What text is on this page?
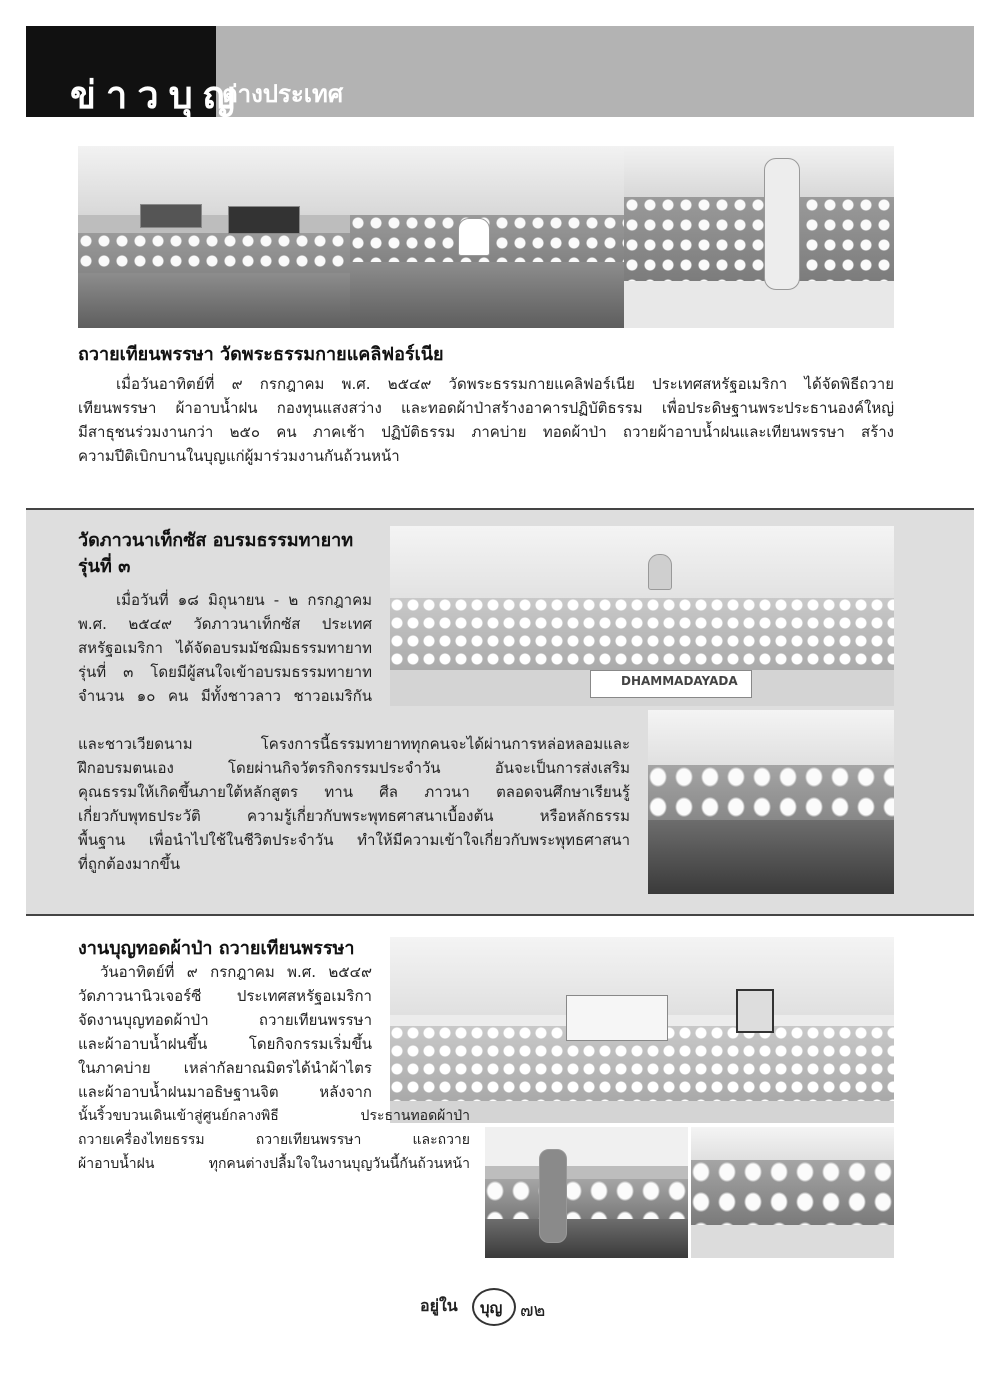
ข่าวบุญ
ต่างประเทศ
ถวายเทียนพรรษา วัดพระธรรมกายแคลิฟอร์เนีย

เมื่อวันอาทิตย์ที่ ๙ กรกฎาคม พ.ศ. ๒๕๔๙ วัดพระธรรมกายแคลิฟอร์เนีย ประเทศสหรัฐอเมริกา ได้จัดพิธีถวาย

เทียนพรรษา ผ้าอาบน้ำฝน กองทุนแสงสว่าง และทอดผ้าป่าสร้างอาคารปฏิบัติธรรม เพื่อประดิษฐานพระประธานองค์ใหญ่

มีสาธุชนร่วมงานกว่า ๒๕๐ คน ภาคเช้า ปฏิบัติธรรม ภาคบ่าย ทอดผ้าป่า ถวายผ้าอาบน้ำฝนและเทียนพรรษา สร้าง

ความปีติเบิกบานในบุญแก่ผู้มาร่วมงานกันถ้วนหน้า

DHAMMADAYADA
วัดภาวนาเท็กซัส อบรมธรรมทายาท
รุ่นที่ ๓

เมื่อวันที่ ๑๘ มิถุนายน - ๒ กรกฎาคม

พ.ศ. ๒๕๔๙ วัดภาวนาเท็กซัส ประเทศ

สหรัฐอเมริกา ได้จัดอบรมมัชฌิมธรรมทายาท

รุ่นที่ ๓ โดยมีผู้สนใจเข้าอบรมธรรมทายาท

จำนวน ๑๐ คน มีทั้งชาวลาว ชาวอเมริกัน

และชาวเวียดนาม โครงการนี้ธรรมทายาททุกคนจะได้ผ่านการหล่อหลอมและ

ฝึกอบรมตนเอง โดยผ่านกิจวัตรกิจกรรมประจำวัน อันจะเป็นการส่งเสริม

คุณธรรมให้เกิดขึ้นภายใต้หลักสูตร ทาน ศีล ภาวนา ตลอดจนศึกษาเรียนรู้

เกี่ยวกับพุทธประวัติ ความรู้เกี่ยวกับพระพุทธศาสนาเบื้องต้น หรือหลักธรรม

พื้นฐาน เพื่อนำไปใช้ในชีวิตประจำวัน ทำให้มีความเข้าใจเกี่ยวกับพระพุทธศาสนา

ที่ถูกต้องมากขึ้น

งานบุญทอดผ้าป่า ถวายเทียนพรรษา

วันอาทิตย์ที่ ๙ กรกฎาคม พ.ศ. ๒๕๔๙

วัดภาวนานิวเจอร์ซี ประเทศสหรัฐอเมริกา

จัดงานบุญทอดผ้าป่า ถวายเทียนพรรษา

และผ้าอาบน้ำฝนขึ้น โดยกิจกรรมเริ่มขึ้น

ในภาคบ่าย เหล่ากัลยาณมิตรได้นำผ้าไตร

และผ้าอาบน้ำฝนมาอธิษฐานจิต หลังจาก

นั้นริ้วขบวนเดินเข้าสู่ศูนย์กลางพิธี ประธานทอดผ้าป่า

ถวายเครื่องไทยธรรม ถวายเทียนพรรษา และถวาย

ผ้าอาบน้ำฝน ทุกคนต่างปลื้มใจในงานบุญวันนี้กันถ้วนหน้า

อยู่ใน บุญ ๗๒
